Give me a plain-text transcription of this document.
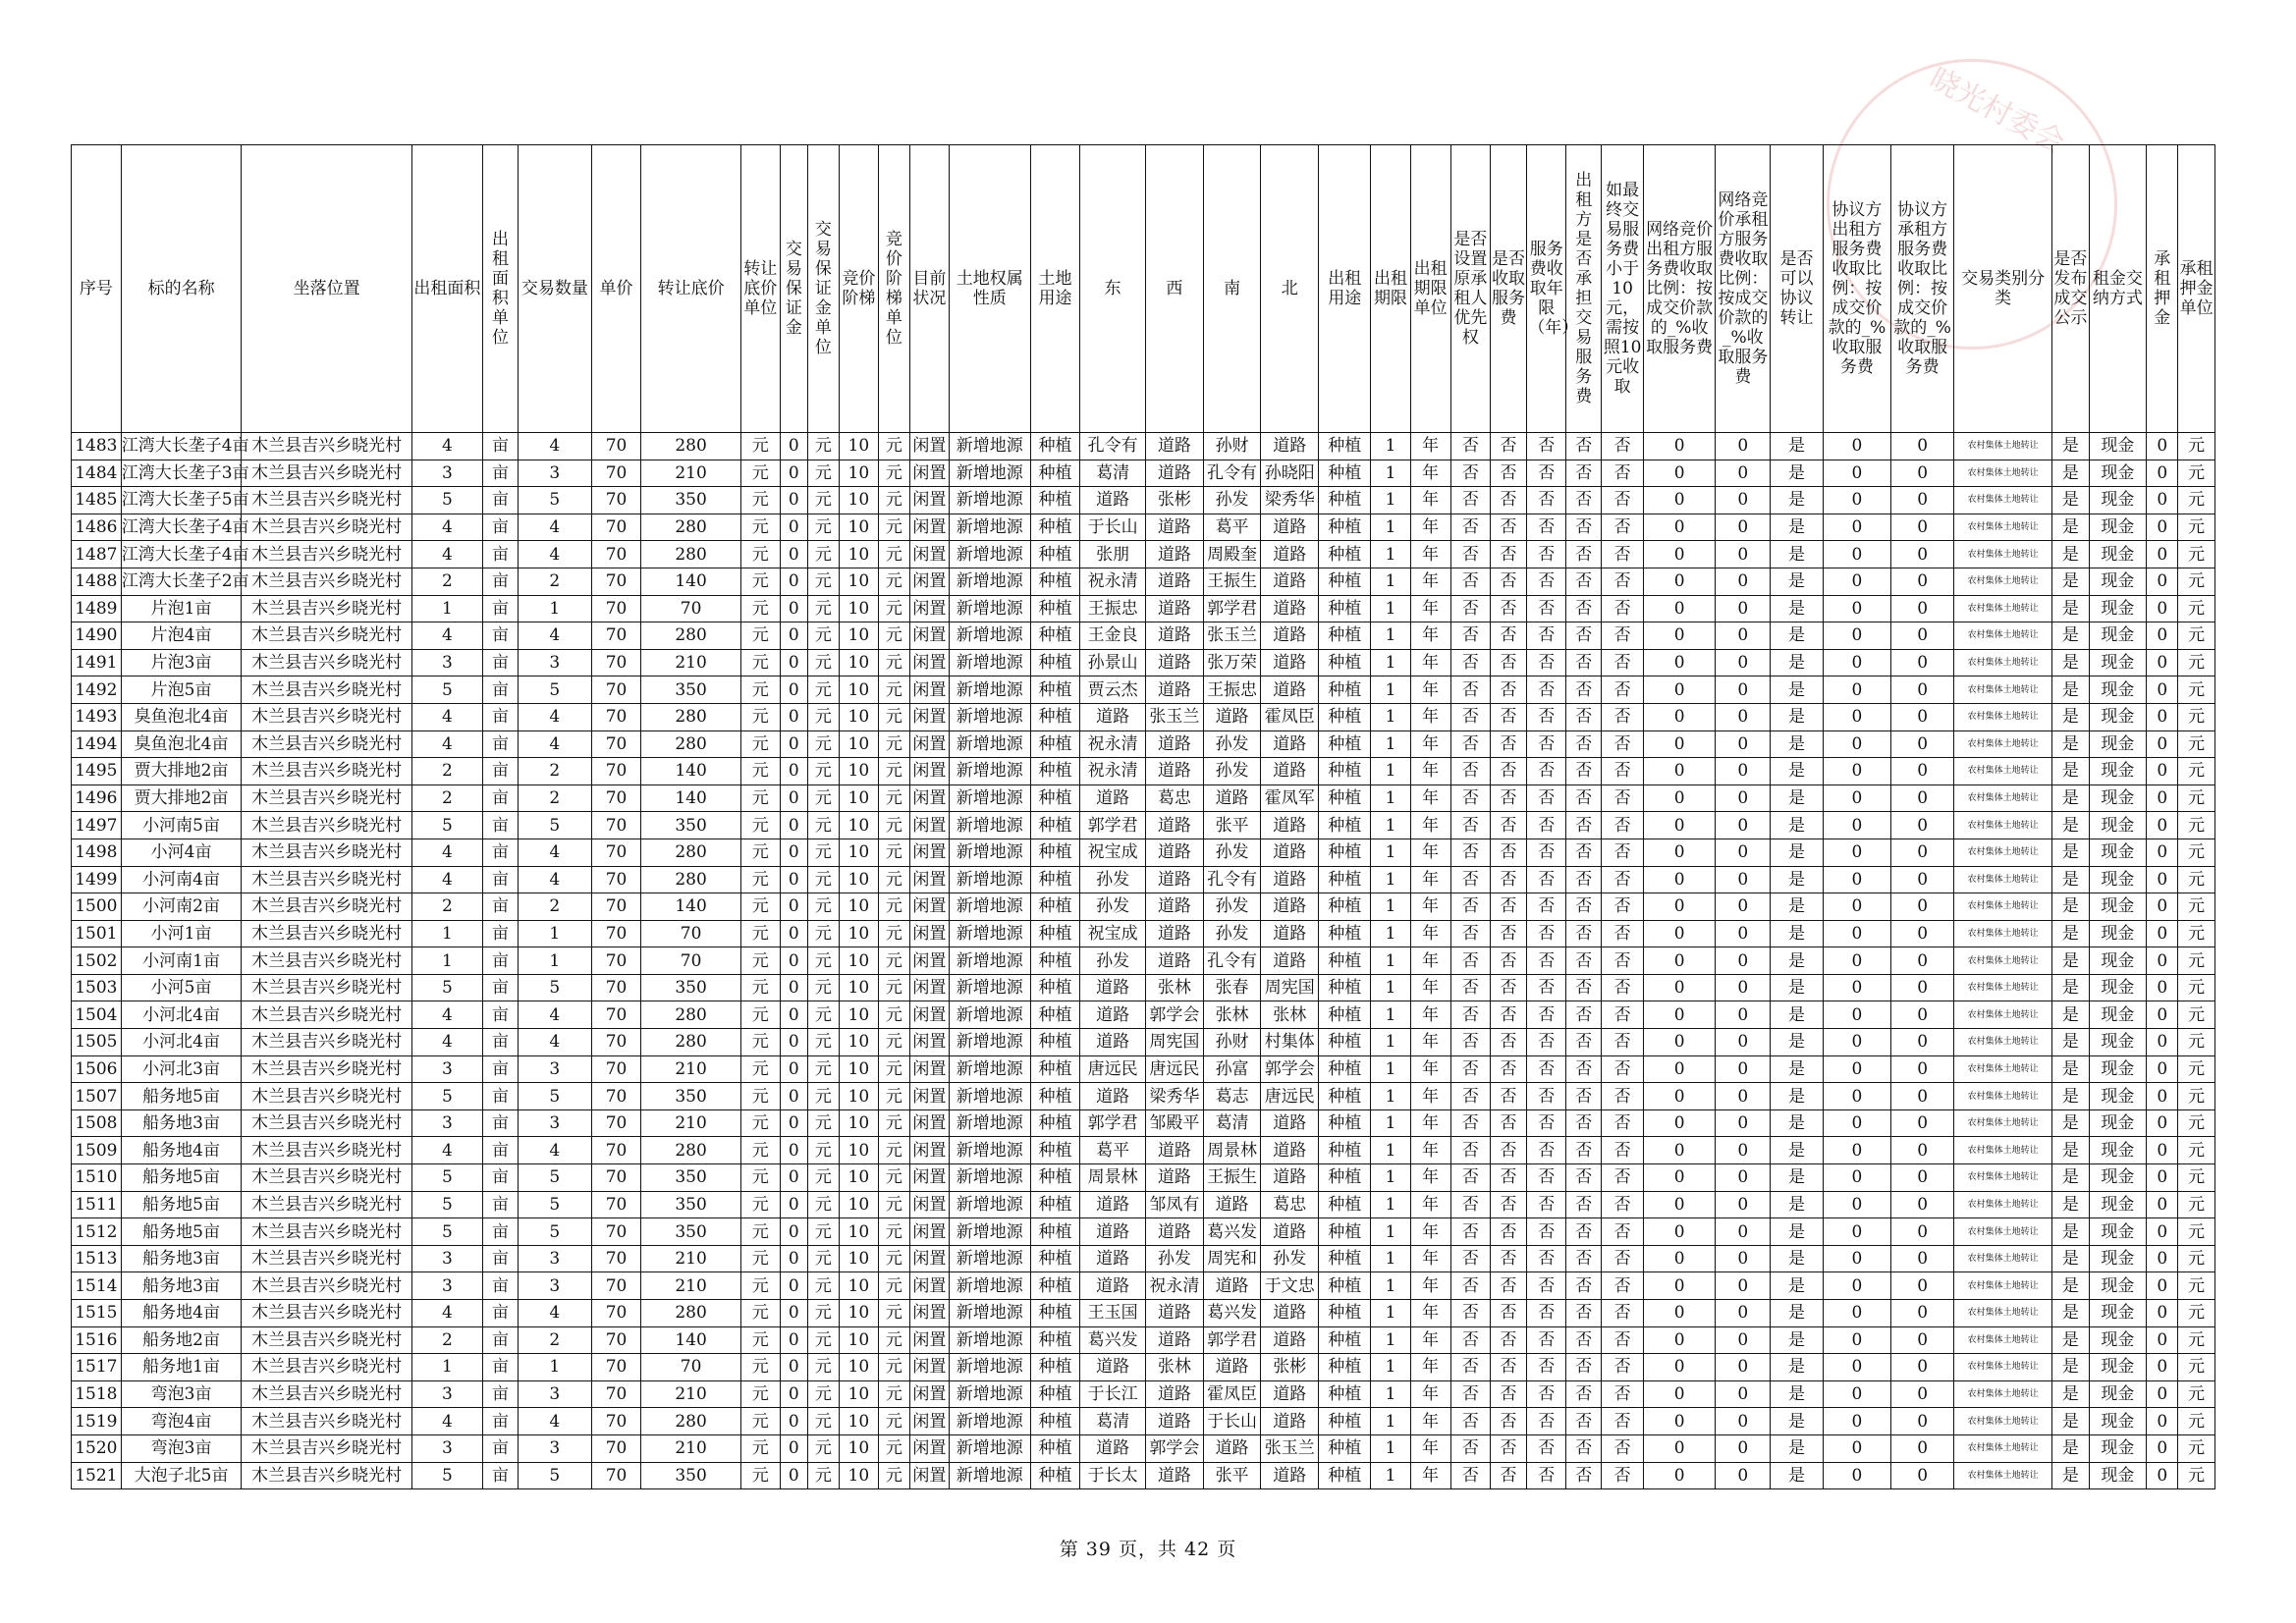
晓光村委会
序号	标的名称	坐落位置	出租面积	出租面积单位	交易数量	单价	转让底价	转让底价单位	交易保证金	交易保证金单位	竞价阶梯	竞价阶梯单位	目前状况	土地权属性质	土地用途	东	西	南	北	出租用途	出租期限	出租期限单位	是否设置原承租人优先权	是否收取服务费	服务费收取年限（年）	出租方是否承担交易服务费	如最终交易服务费小于10元，需按照10元收取	网络竞价出租方服务费收取比例：按成交价款的_%收取服务费	网络竞价承租方服务费收取比例：按成交价款的_%收取服务费	是否可以协议转让	协议方出租方服务费收取比例：按成交价款的_%收取服务费	协议方承租方服务费收取比例：按成交价款的_%收取服务费	交易类别分类	是否发布成交公示	租金交纳方式	承租押金	承租押金单位
1483	江湾大长垄子4亩	木兰县吉兴乡晓光村	4	亩	4	70	280	元	0	元	10	元	闲置	新增地源	种植	孔令有	道路	孙财	道路	种植	1	年	否	否	否	否	否	0	0	是	0	0	农村集体土地转让	是	现金	0	元
1484	江湾大长垄子3亩	木兰县吉兴乡晓光村	3	亩	3	70	210	元	0	元	10	元	闲置	新增地源	种植	葛清	道路	孔令有	孙晓阳	种植	1	年	否	否	否	否	否	0	0	是	0	0	农村集体土地转让	是	现金	0	元
1485	江湾大长垄子5亩	木兰县吉兴乡晓光村	5	亩	5	70	350	元	0	元	10	元	闲置	新增地源	种植	道路	张彬	孙发	梁秀华	种植	1	年	否	否	否	否	否	0	0	是	0	0	农村集体土地转让	是	现金	0	元
1486	江湾大长垄子4亩	木兰县吉兴乡晓光村	4	亩	4	70	280	元	0	元	10	元	闲置	新增地源	种植	于长山	道路	葛平	道路	种植	1	年	否	否	否	否	否	0	0	是	0	0	农村集体土地转让	是	现金	0	元
1487	江湾大长垄子4亩	木兰县吉兴乡晓光村	4	亩	4	70	280	元	0	元	10	元	闲置	新增地源	种植	张朋	道路	周殿奎	道路	种植	1	年	否	否	否	否	否	0	0	是	0	0	农村集体土地转让	是	现金	0	元
1488	江湾大长垄子2亩	木兰县吉兴乡晓光村	2	亩	2	70	140	元	0	元	10	元	闲置	新增地源	种植	祝永清	道路	王振生	道路	种植	1	年	否	否	否	否	否	0	0	是	0	0	农村集体土地转让	是	现金	0	元
1489	片泡1亩	木兰县吉兴乡晓光村	1	亩	1	70	70	元	0	元	10	元	闲置	新增地源	种植	王振忠	道路	郭学君	道路	种植	1	年	否	否	否	否	否	0	0	是	0	0	农村集体土地转让	是	现金	0	元
1490	片泡4亩	木兰县吉兴乡晓光村	4	亩	4	70	280	元	0	元	10	元	闲置	新增地源	种植	王金良	道路	张玉兰	道路	种植	1	年	否	否	否	否	否	0	0	是	0	0	农村集体土地转让	是	现金	0	元
1491	片泡3亩	木兰县吉兴乡晓光村	3	亩	3	70	210	元	0	元	10	元	闲置	新增地源	种植	孙景山	道路	张万荣	道路	种植	1	年	否	否	否	否	否	0	0	是	0	0	农村集体土地转让	是	现金	0	元
1492	片泡5亩	木兰县吉兴乡晓光村	5	亩	5	70	350	元	0	元	10	元	闲置	新增地源	种植	贾云杰	道路	王振忠	道路	种植	1	年	否	否	否	否	否	0	0	是	0	0	农村集体土地转让	是	现金	0	元
1493	臭鱼泡北4亩	木兰县吉兴乡晓光村	4	亩	4	70	280	元	0	元	10	元	闲置	新增地源	种植	道路	张玉兰	道路	霍凤臣	种植	1	年	否	否	否	否	否	0	0	是	0	0	农村集体土地转让	是	现金	0	元
1494	臭鱼泡北4亩	木兰县吉兴乡晓光村	4	亩	4	70	280	元	0	元	10	元	闲置	新增地源	种植	祝永清	道路	孙发	道路	种植	1	年	否	否	否	否	否	0	0	是	0	0	农村集体土地转让	是	现金	0	元
1495	贾大排地2亩	木兰县吉兴乡晓光村	2	亩	2	70	140	元	0	元	10	元	闲置	新增地源	种植	祝永清	道路	孙发	道路	种植	1	年	否	否	否	否	否	0	0	是	0	0	农村集体土地转让	是	现金	0	元
1496	贾大排地2亩	木兰县吉兴乡晓光村	2	亩	2	70	140	元	0	元	10	元	闲置	新增地源	种植	道路	葛忠	道路	霍凤军	种植	1	年	否	否	否	否	否	0	0	是	0	0	农村集体土地转让	是	现金	0	元
1497	小河南5亩	木兰县吉兴乡晓光村	5	亩	5	70	350	元	0	元	10	元	闲置	新增地源	种植	郭学君	道路	张平	道路	种植	1	年	否	否	否	否	否	0	0	是	0	0	农村集体土地转让	是	现金	0	元
1498	小河4亩	木兰县吉兴乡晓光村	4	亩	4	70	280	元	0	元	10	元	闲置	新增地源	种植	祝宝成	道路	孙发	道路	种植	1	年	否	否	否	否	否	0	0	是	0	0	农村集体土地转让	是	现金	0	元
1499	小河南4亩	木兰县吉兴乡晓光村	4	亩	4	70	280	元	0	元	10	元	闲置	新增地源	种植	孙发	道路	孔令有	道路	种植	1	年	否	否	否	否	否	0	0	是	0	0	农村集体土地转让	是	现金	0	元
1500	小河南2亩	木兰县吉兴乡晓光村	2	亩	2	70	140	元	0	元	10	元	闲置	新增地源	种植	孙发	道路	孙发	道路	种植	1	年	否	否	否	否	否	0	0	是	0	0	农村集体土地转让	是	现金	0	元
1501	小河1亩	木兰县吉兴乡晓光村	1	亩	1	70	70	元	0	元	10	元	闲置	新增地源	种植	祝宝成	道路	孙发	道路	种植	1	年	否	否	否	否	否	0	0	是	0	0	农村集体土地转让	是	现金	0	元
1502	小河南1亩	木兰县吉兴乡晓光村	1	亩	1	70	70	元	0	元	10	元	闲置	新增地源	种植	孙发	道路	孔令有	道路	种植	1	年	否	否	否	否	否	0	0	是	0	0	农村集体土地转让	是	现金	0	元
1503	小河5亩	木兰县吉兴乡晓光村	5	亩	5	70	350	元	0	元	10	元	闲置	新增地源	种植	道路	张林	张春	周宪国	种植	1	年	否	否	否	否	否	0	0	是	0	0	农村集体土地转让	是	现金	0	元
1504	小河北4亩	木兰县吉兴乡晓光村	4	亩	4	70	280	元	0	元	10	元	闲置	新增地源	种植	道路	郭学会	张林	张林	种植	1	年	否	否	否	否	否	0	0	是	0	0	农村集体土地转让	是	现金	0	元
1505	小河北4亩	木兰县吉兴乡晓光村	4	亩	4	70	280	元	0	元	10	元	闲置	新增地源	种植	道路	周宪国	孙财	村集体	种植	1	年	否	否	否	否	否	0	0	是	0	0	农村集体土地转让	是	现金	0	元
1506	小河北3亩	木兰县吉兴乡晓光村	3	亩	3	70	210	元	0	元	10	元	闲置	新增地源	种植	唐远民	唐远民	孙富	郭学会	种植	1	年	否	否	否	否	否	0	0	是	0	0	农村集体土地转让	是	现金	0	元
1507	船务地5亩	木兰县吉兴乡晓光村	5	亩	5	70	350	元	0	元	10	元	闲置	新增地源	种植	道路	梁秀华	葛志	唐远民	种植	1	年	否	否	否	否	否	0	0	是	0	0	农村集体土地转让	是	现金	0	元
1508	船务地3亩	木兰县吉兴乡晓光村	3	亩	3	70	210	元	0	元	10	元	闲置	新增地源	种植	郭学君	邹殿平	葛清	道路	种植	1	年	否	否	否	否	否	0	0	是	0	0	农村集体土地转让	是	现金	0	元
1509	船务地4亩	木兰县吉兴乡晓光村	4	亩	4	70	280	元	0	元	10	元	闲置	新增地源	种植	葛平	道路	周景林	道路	种植	1	年	否	否	否	否	否	0	0	是	0	0	农村集体土地转让	是	现金	0	元
1510	船务地5亩	木兰县吉兴乡晓光村	5	亩	5	70	350	元	0	元	10	元	闲置	新增地源	种植	周景林	道路	王振生	道路	种植	1	年	否	否	否	否	否	0	0	是	0	0	农村集体土地转让	是	现金	0	元
1511	船务地5亩	木兰县吉兴乡晓光村	5	亩	5	70	350	元	0	元	10	元	闲置	新增地源	种植	道路	邹凤有	道路	葛忠	种植	1	年	否	否	否	否	否	0	0	是	0	0	农村集体土地转让	是	现金	0	元
1512	船务地5亩	木兰县吉兴乡晓光村	5	亩	5	70	350	元	0	元	10	元	闲置	新增地源	种植	道路	道路	葛兴发	道路	种植	1	年	否	否	否	否	否	0	0	是	0	0	农村集体土地转让	是	现金	0	元
1513	船务地3亩	木兰县吉兴乡晓光村	3	亩	3	70	210	元	0	元	10	元	闲置	新增地源	种植	道路	孙发	周宪和	孙发	种植	1	年	否	否	否	否	否	0	0	是	0	0	农村集体土地转让	是	现金	0	元
1514	船务地3亩	木兰县吉兴乡晓光村	3	亩	3	70	210	元	0	元	10	元	闲置	新增地源	种植	道路	祝永清	道路	于文忠	种植	1	年	否	否	否	否	否	0	0	是	0	0	农村集体土地转让	是	现金	0	元
1515	船务地4亩	木兰县吉兴乡晓光村	4	亩	4	70	280	元	0	元	10	元	闲置	新增地源	种植	王玉国	道路	葛兴发	道路	种植	1	年	否	否	否	否	否	0	0	是	0	0	农村集体土地转让	是	现金	0	元
1516	船务地2亩	木兰县吉兴乡晓光村	2	亩	2	70	140	元	0	元	10	元	闲置	新增地源	种植	葛兴发	道路	郭学君	道路	种植	1	年	否	否	否	否	否	0	0	是	0	0	农村集体土地转让	是	现金	0	元
1517	船务地1亩	木兰县吉兴乡晓光村	1	亩	1	70	70	元	0	元	10	元	闲置	新增地源	种植	道路	张林	道路	张彬	种植	1	年	否	否	否	否	否	0	0	是	0	0	农村集体土地转让	是	现金	0	元
1518	弯泡3亩	木兰县吉兴乡晓光村	3	亩	3	70	210	元	0	元	10	元	闲置	新增地源	种植	于长江	道路	霍凤臣	道路	种植	1	年	否	否	否	否	否	0	0	是	0	0	农村集体土地转让	是	现金	0	元
1519	弯泡4亩	木兰县吉兴乡晓光村	4	亩	4	70	280	元	0	元	10	元	闲置	新增地源	种植	葛清	道路	于长山	道路	种植	1	年	否	否	否	否	否	0	0	是	0	0	农村集体土地转让	是	现金	0	元
1520	弯泡3亩	木兰县吉兴乡晓光村	3	亩	3	70	210	元	0	元	10	元	闲置	新增地源	种植	道路	郭学会	道路	张玉兰	种植	1	年	否	否	否	否	否	0	0	是	0	0	农村集体土地转让	是	现金	0	元
1521	大泡子北5亩	木兰县吉兴乡晓光村	5	亩	5	70	350	元	0	元	10	元	闲置	新增地源	种植	于长太	道路	张平	道路	种植	1	年	否	否	否	否	否	0	0	是	0	0	农村集体土地转让	是	现金	0	元
第 39 页，共 42 页
